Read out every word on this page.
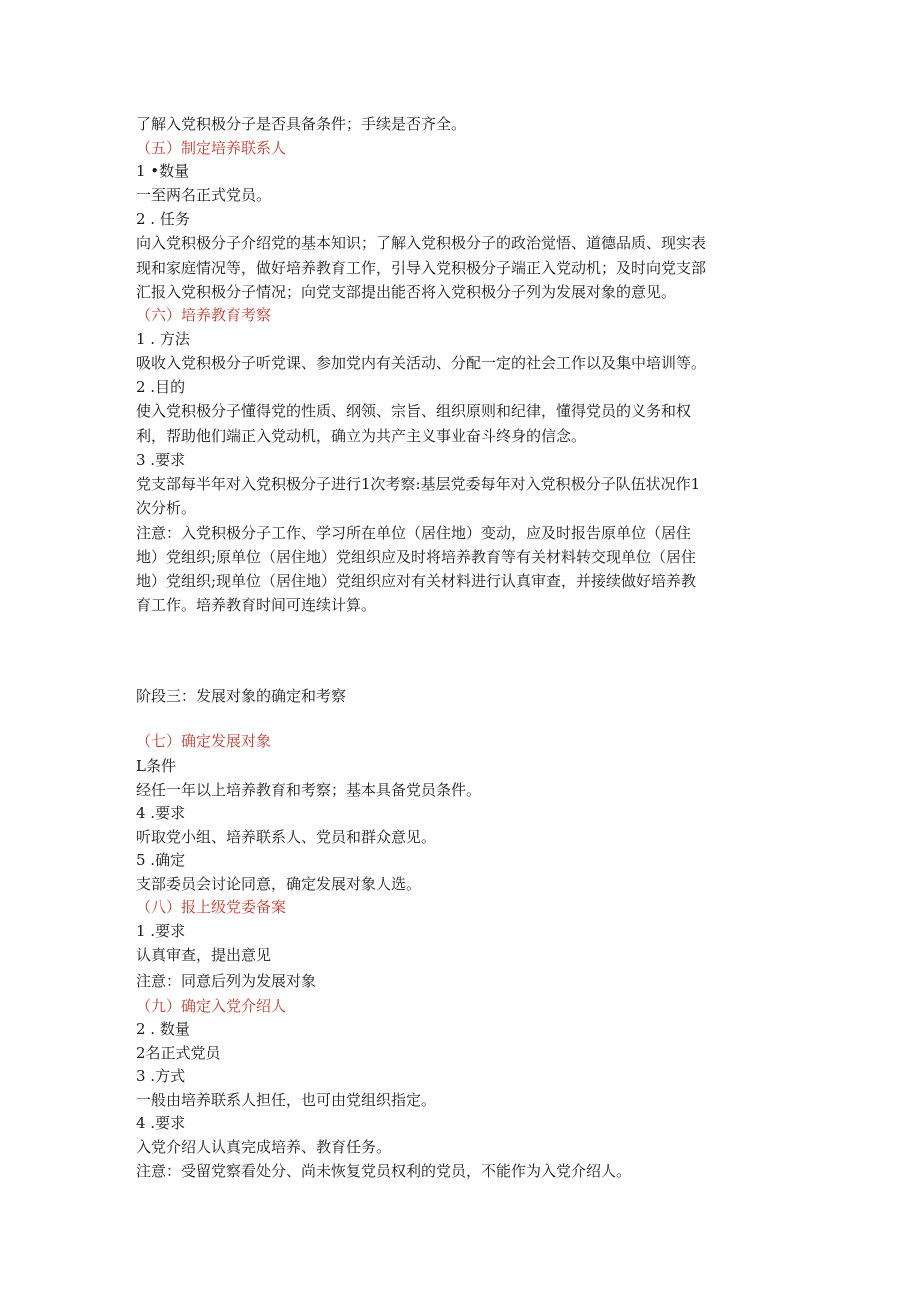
了解入党积极分子是否具备条件；手续是否齐全。
（五）制定培养联系人
1 •数量
一至两名正式党员。
2 . 任务
向入党积极分子介绍党的基本知识；了解入党积极分子的政治觉悟、道德品质、现实表
现和家庭情况等，做好培养教育工作，引导入党积极分子端正入党动机；及时向党支部
汇报入党积极分子情况；向党支部提出能否将入党积极分子列为发展对象的意见。
（六）培养教育考察
1 . 方法
吸收入党积极分子听党课、参加党内有关活动、分配一定的社会工作以及集中培训等。
2 .目的
使入党积极分子懂得党的性质、纲领、宗旨、组织原则和纪律，懂得党员的义务和权
利，帮助他们端正入党动机，确立为共产主义事业奋斗终身的信念。
3 .要求
党支部每半年对入党积极分子进行1次考察:基层党委每年对入党积极分子队伍状况作1
次分析。
注意：入党积极分子工作、学习所在单位（居住地）变动，应及时报告原单位（居住
地）党组织;原单位（居住地）党组织应及时将培养教育等有关材料转交现单位（居住
地）党组织;现单位（居住地）党组织应对有关材料进行认真审查，并接续做好培养教
育工作。培养教育时间可连续计算。
阶段三：发展对象的确定和考察
（七）确定发展对象
L条件
经任一年以上培养教育和考察；基本具备党员条件。
4 .要求
听取党小组、培养联系人、党员和群众意见。
5 .确定
支部委员会讨论同意，确定发展对象人选。
（八）报上级党委备案
1 .要求
认真审查，提出意见
注意：同意后列为发展对象
（九）确定入党介绍人
2 . 数量
2名正式党员
3 .方式
一般由培养联系人担任，也可由党组织指定。
4 .要求
入党介绍人认真完成培养、教育任务。
注意：受留党察看处分、尚未恢复党员权利的党员，不能作为入党介绍人。
